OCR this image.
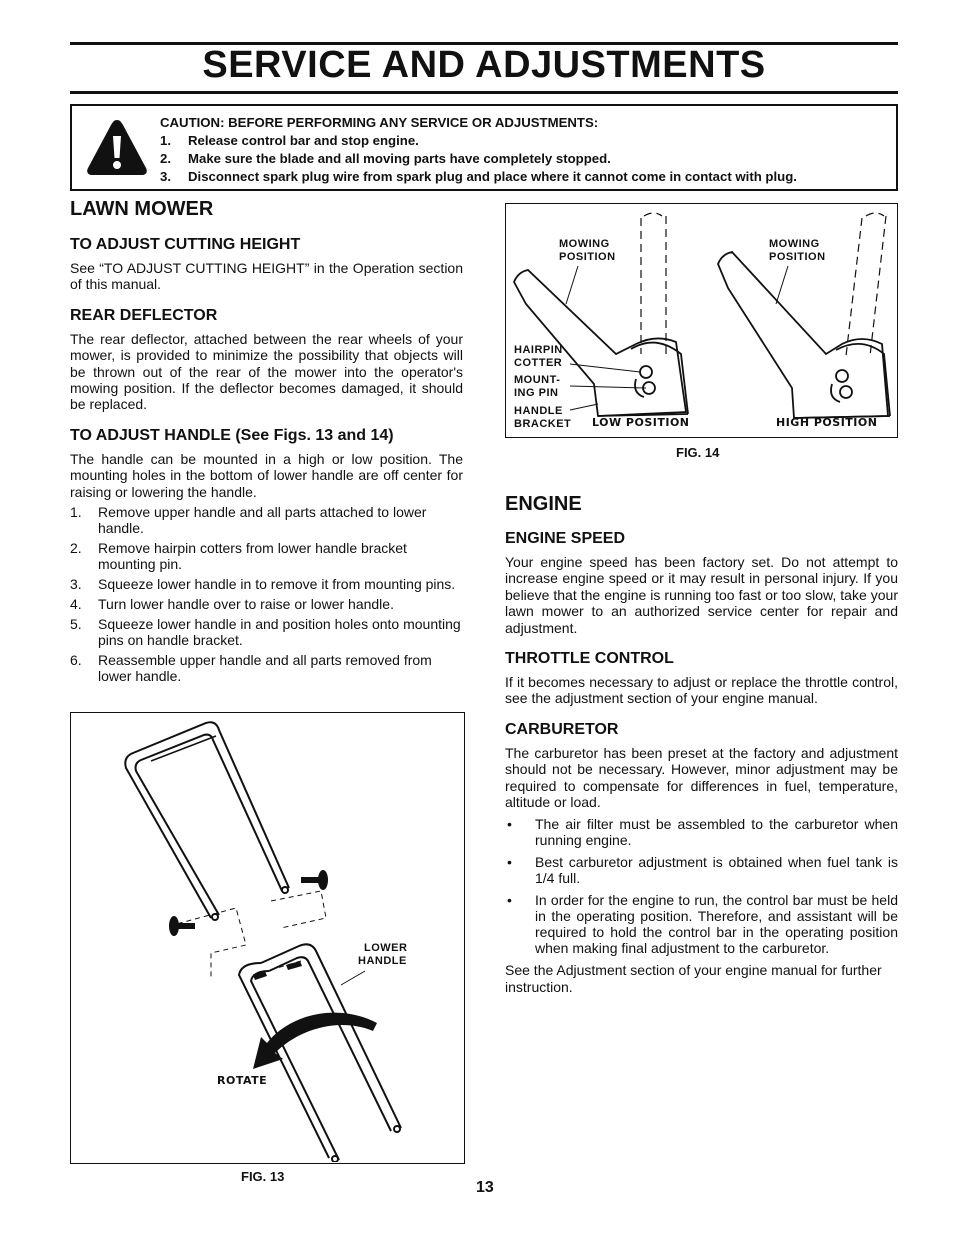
SERVICE AND ADJUSTMENTS
CAUTION: BEFORE PERFORMING ANY SERVICE OR ADJUSTMENTS:
1.	Release control bar and stop engine.
2.	Make sure the blade and all moving parts have completely stopped.
3.	Disconnect spark plug wire from spark plug and place where it cannot come in contact with plug.
LAWN MOWER
TO ADJUST CUTTING HEIGHT

See “TO ADJUST CUTTING HEIGHT” in the Operation section of this manual.

REAR DEFLECTOR

The rear deflector, attached between the rear wheels of your mower, is provided to minimize the possibility that objects will be thrown out of the rear of the mower into the operator's mowing position. If the deflector becomes damaged, it should be replaced.

TO ADJUST HANDLE (See Figs. 13 and 14)

The handle can be mounted in a high or low position. The mounting holes in the bottom of lower handle are off center for raising or lowering the handle.

1.	Remove upper handle and all parts attached to lower handle.
2.	Remove hairpin cotters from lower handle bracket mounting pin.
3.	Squeeze lower handle in to remove it from mounting pins.
4.	Turn lower handle over to raise or lower handle.
5.	Squeeze lower handle in and position holes onto mounting pins on handle bracket.
6.	Reassemble upper handle and all parts removed from lower handle.
LOWER
HANDLE
ROTATE
FIG. 13
MOWING
POSITION
MOWING
POSITION
HAIRPIN
COTTER
MOUNT-
ING PIN
HANDLE
BRACKET LOW POSITION	HIGH POSITION
FIG. 14
ENGINE
ENGINE SPEED

Your engine speed has been factory set. Do not attempt to increase engine speed or it may result in personal injury. If you believe that the engine is running too fast or too slow, take your lawn mower to an authorized service center for repair and adjustment.

THROTTLE CONTROL

If it becomes necessary to adjust or replace the throttle control, see the adjustment section of your engine manual.

CARBURETOR

The carburetor has been preset at the factory and adjustment should not be necessary. However, minor adjustment may be required to compensate for differences in fuel, temperature, altitude or load.

•	The air filter must be assembled to the carburetor when running engine.
•	Best carburetor adjustment is obtained when fuel tank is 1/4 full.
•	In order for the engine to run, the control bar must be held in the operating position. Therefore, and assistant will be required to hold the control bar in the operating position when making final adjustment to the carburetor.

See the Adjustment section of your engine manual for further instruction.

13
